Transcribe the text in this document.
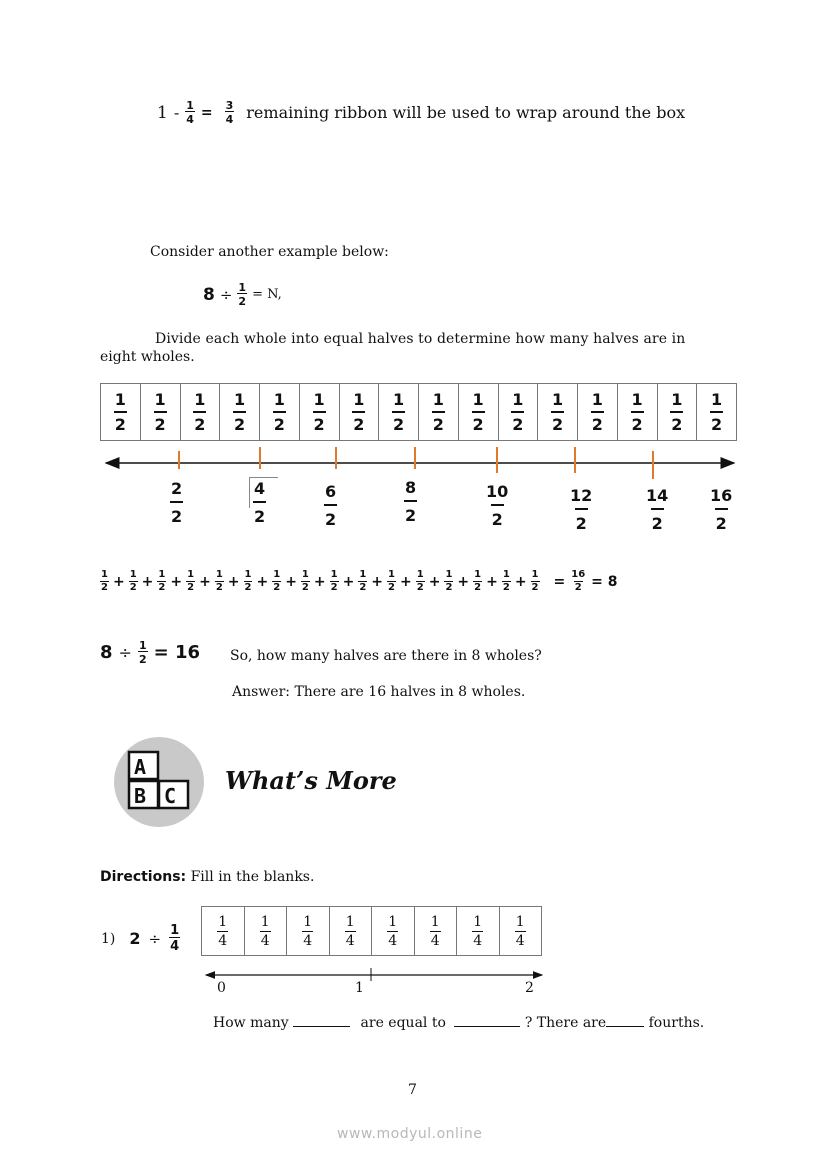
$1 - \frac{1}{4} = \frac{3}{4}$ remaining ribbon will be used to wrap around the box
Consider another example below:
$8 \div \frac{1}{2} = N$,
Divide each whole into equal halves to determine how many halves are in
eight wholes.
$\frac{1}{2}$	$\frac{1}{2}$	$\frac{1}{2}$	$\frac{1}{2}$	$\frac{1}{2}$	$\frac{1}{2}$	$\frac{1}{2}$	$\frac{1}{2}$	$\frac{1}{2}$	$\frac{1}{2}$	$\frac{1}{2}$	$\frac{1}{2}$	$\frac{1}{2}$	$\frac{1}{2}$	$\frac{1}{2}$	$\frac{1}{2}$
$\frac{2}{2}$	$\frac{4}{2}$	$\frac{6}{2}$	$\frac{8}{2}$	$\frac{10}{2}$	$\frac{12}{2}$	$\frac{14}{2} \frac{16}{2}$
$\frac{1}{2} + \frac{1}{2} + \frac{1}{2} + \frac{1}{2} + \frac{1}{2} + \frac{1}{2} + \frac{1}{2} + \frac{1}{2} + \frac{1}{2} + \frac{1}{2} + \frac{1}{2} + \frac{1}{2} + \frac{1}{2} + \frac{1}{2} + \frac{1}{2} + \frac{1}{2} = \frac{16}{2} = 8$
$8 \div \frac{1}{2} = 16$ So, how many halves are there in 8 wholes?
Answer: There are 16 halves in 8 wholes.
A
B C
What’s More
Directions: Fill in the blanks.
1) $2 \div \frac{1}{4}$	$\frac{1}{4}$	$\frac{1}{4}$	$\frac{1}{4}$	$\frac{1}{4}$	$\frac{1}{4}$	$\frac{1}{4}$	$\frac{1}{4}$	$\frac{1}{4}$
0	1	2
How many	are equal to	? There are	fourths.
7
www.modyul.online
